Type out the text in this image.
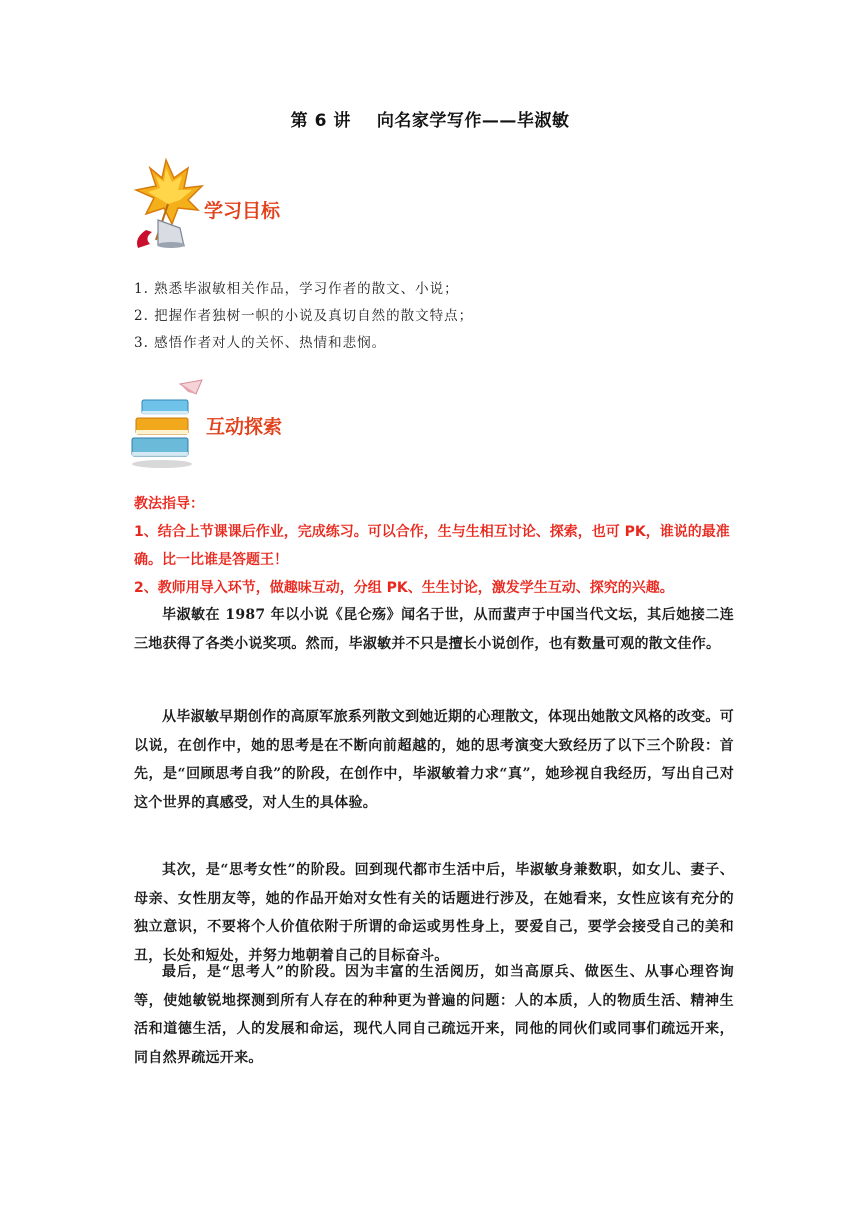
第 6 讲 向名家学写作——毕淑敏
学习目标
1. 熟悉毕淑敏相关作品，学习作者的散文、小说；
2. 把握作者独树一帜的小说及真切自然的散文特点；
3. 感悟作者对人的关怀、热情和悲悯。
互动探索
教法指导：
1、结合上节课课后作业，完成练习。可以合作，生与生相互讨论、探索，也可 PK，谁说的最准确。比一比谁是答题王！
2、教师用导入环节，做趣味互动，分组 PK、生生讨论，激发学生互动、探究的兴趣。
毕淑敏在 1987 年以小说《昆仑殇》闻名于世，从而蜚声于中国当代文坛，其后她接二连三地获得了各类小说奖项。然而，毕淑敏并不只是擅长小说创作，也有数量可观的散文佳作。
从毕淑敏早期创作的高原军旅系列散文到她近期的心理散文，体现出她散文风格的改变。可以说，在创作中，她的思考是在不断向前超越的，她的思考演变大致经历了以下三个阶段：首先，是“回顾思考自我”的阶段，在创作中，毕淑敏着力求“真”，她珍视自我经历，写出自己对这个世界的真感受，对人生的具体验。
其次，是“思考女性”的阶段。回到现代都市生活中后，毕淑敏身兼数职，如女儿、妻子、母亲、女性朋友等，她的作品开始对女性有关的话题进行涉及，在她看来，女性应该有充分的独立意识，不要将个人价值依附于所谓的命运或男性身上，要爱自己，要学会接受自己的美和丑，长处和短处，并努力地朝着自己的目标奋斗。
最后，是“思考人”的阶段。因为丰富的生活阅历，如当高原兵、做医生、从事心理咨询等，使她敏锐地探测到所有人存在的种种更为普遍的问题：人的本质，人的物质生活、精神生活和道德生活，人的发展和命运，现代人同自己疏远开来，同他的同伙们或同事们疏远开来，同自然界疏远开来。
